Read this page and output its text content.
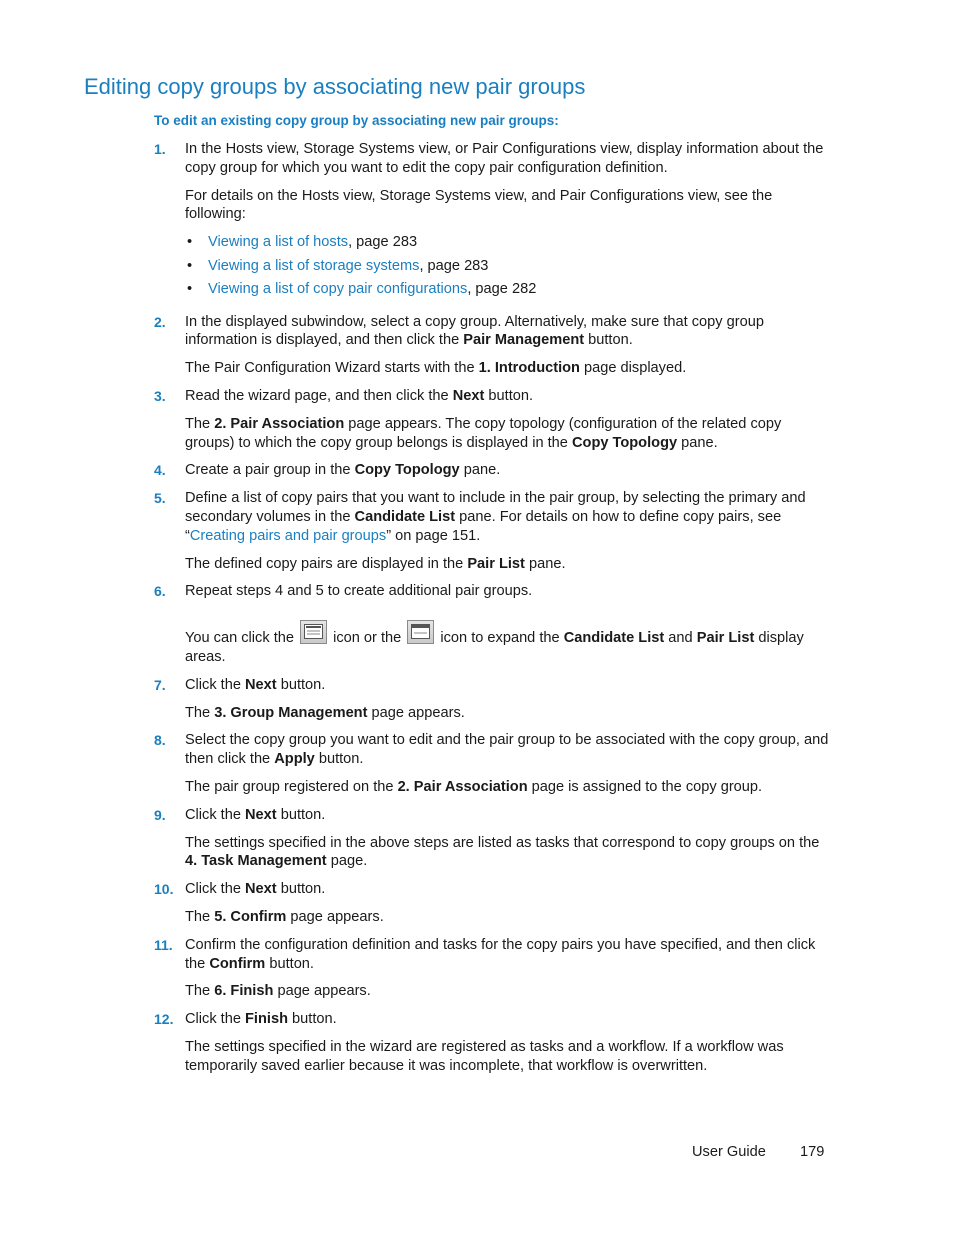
Editing copy groups by associating new pair groups
To edit an existing copy group by associating new pair groups:
1. In the Hosts view, Storage Systems view, or Pair Configurations view, display information about the copy group for which you want to edit the copy pair configuration definition.

For details on the Hosts view, Storage Systems view, and Pair Configurations view, see the following:

• Viewing a list of hosts, page 283
• Viewing a list of storage systems, page 283
• Viewing a list of copy pair configurations, page 282
2. In the displayed subwindow, select a copy group. Alternatively, make sure that copy group information is displayed, and then click the Pair Management button.

The Pair Configuration Wizard starts with the 1. Introduction page displayed.

3. Read the wizard page, and then click the Next button.

The 2. Pair Association page appears. The copy topology (configuration of the related copy groups) to which the copy group belongs is displayed in the Copy Topology pane.

4. Create a pair group in the Copy Topology pane.

5. Define a list of copy pairs that you want to include in the pair group, by selecting the primary and secondary volumes in the Candidate List pane. For details on how to define copy pairs, see “Creating pairs and pair groups” on page 151.

The defined copy pairs are displayed in the Pair List pane.

6. Repeat steps 4 and 5 to create additional pair groups.

You can click the
icon or the
icon to expand the Candidate List and Pair List display areas.

7. Click the Next button.

The 3. Group Management page appears.

8. Select the copy group you want to edit and the pair group to be associated with the copy group, and then click the Apply button.

The pair group registered on the 2. Pair Association page is assigned to the copy group.

9. Click the Next button.

The settings specified in the above steps are listed as tasks that correspond to copy groups on the 4. Task Management page.

10. Click the Next button.

The 5. Confirm page appears.

11. Confirm the configuration definition and tasks for the copy pairs you have specified, and then click the Confirm button.

The 6. Finish page appears.

12. Click the Finish button.

The settings specified in the wizard are registered as tasks and a workflow. If a workflow was temporarily saved earlier because it was incomplete, that workflow is overwritten.

User Guide 179
